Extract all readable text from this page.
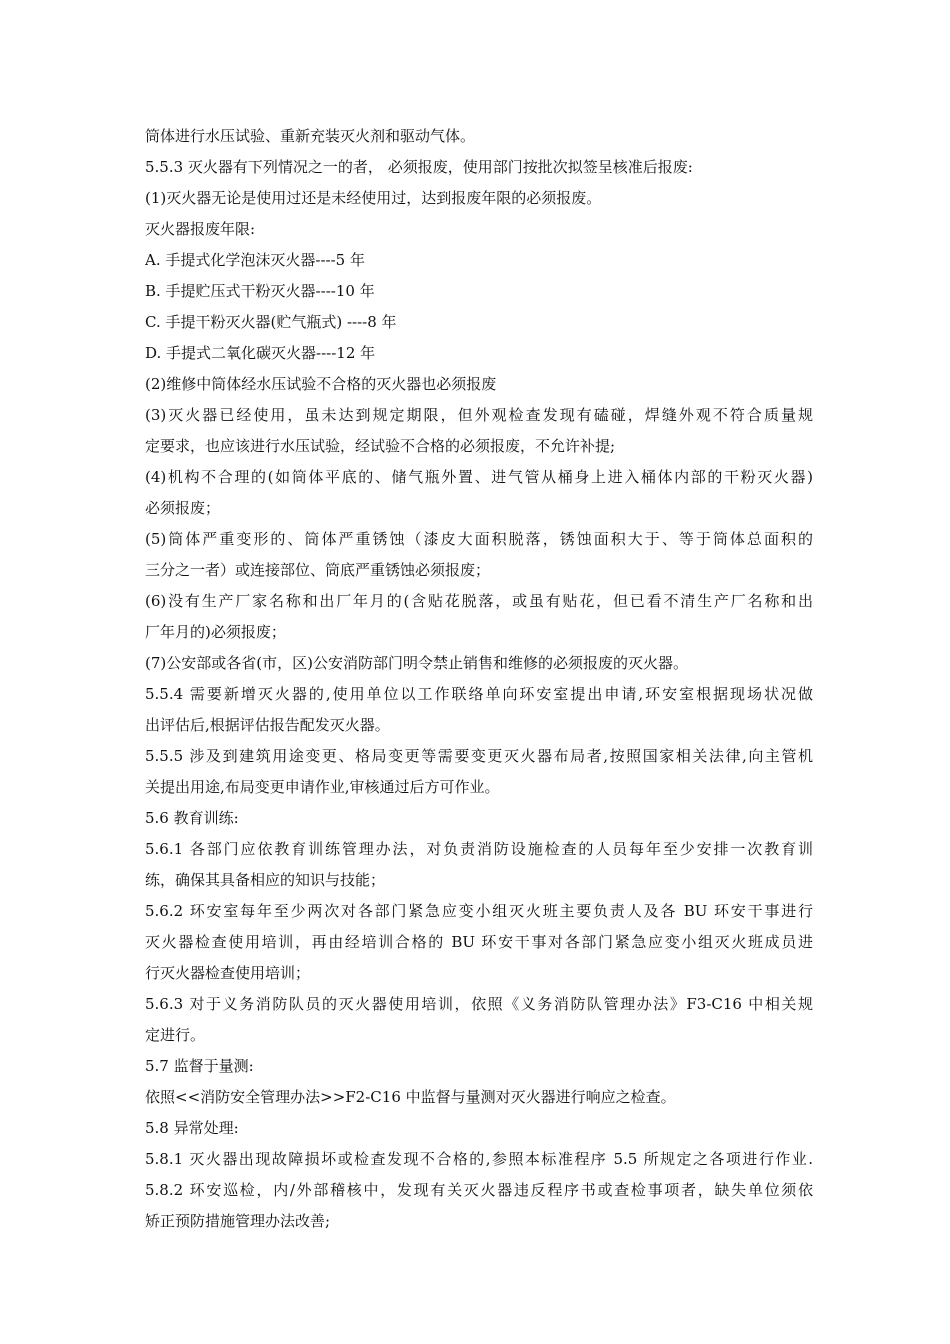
筒体进行水压试验、重新充装灭火剂和驱动气体。
5.5.3 灭火器有下列情况之一的者， 必须报废，使用部门按批次拟签呈核准后报废:
(1)灭火器无论是使用过还是未经使用过，达到报废年限的必须报废。
灭火器报废年限:
A. 手提式化学泡沫灭火器----5 年
B. 手提贮压式干粉灭火器----10 年
C. 手提干粉灭火器(贮气瓶式) ----8 年
D. 手提式二氧化碳灭火器----12 年
(2)维修中筒体经水压试验不合格的灭火器也必须报废
(3)灭火器已经使用，虽未达到规定期限，但外观检查发现有磕碰，焊缝外观不符合质量规
定要求，也应该进行水压试验，经试验不合格的必须报废，不允许补提;
(4)机构不合理的(如筒体平底的、储气瓶外置、进气管从桶身上进入桶体内部的干粉灭火器)
必须报废；
(5)筒体严重变形的、筒体严重锈蚀（漆皮大面积脱落，锈蚀面积大于、等于筒体总面积的
三分之一者）或连接部位、筒底严重锈蚀必须报废；
(6)没有生产厂家名称和出厂年月的(含贴花脱落，或虽有贴花，但已看不清生产厂名称和出
厂年月的)必须报废；
(7)公安部或各省(市，区)公安消防部门明令禁止销售和维修的必须报废的灭火器。
5.5.4 需要新增灭火器的,使用单位以工作联络单向环安室提出申请,环安室根据现场状况做
出评估后,根据评估报告配发灭火器。
5.5.5 涉及到建筑用途变更、格局变更等需要变更灭火器布局者,按照国家相关法律,向主管机
关提出用途,布局变更申请作业,审核通过后方可作业。
5.6 教育训练:
5.6.1 各部门应依教育训练管理办法，对负责消防设施检查的人员每年至少安排一次教育训
练，确保其具备相应的知识与技能；
5.6.2 环安室每年至少两次对各部门紧急应变小组灭火班主要负责人及各 BU 环安干事进行
灭火器检查使用培训，再由经培训合格的 BU 环安干事对各部门紧急应变小组灭火班成员进
行灭火器检查使用培训；
5.6.3 对于义务消防队员的灭火器使用培训，依照《义务消防队管理办法》F3-C16 中相关规
定进行。
5.7 监督于量测:
依照<<消防安全管理办法>>F2-C16 中监督与量测对灭火器进行响应之检查。
5.8 异常处理:
5.8.1 灭火器出现故障损坏或检查发现不合格的,参照本标准程序 5.5 所规定之各项进行作业.
5.8.2 环安巡检，内/外部稽核中，发现有关灭火器违反程序书或查检事项者，缺失单位须依
矫正预防措施管理办法改善;
